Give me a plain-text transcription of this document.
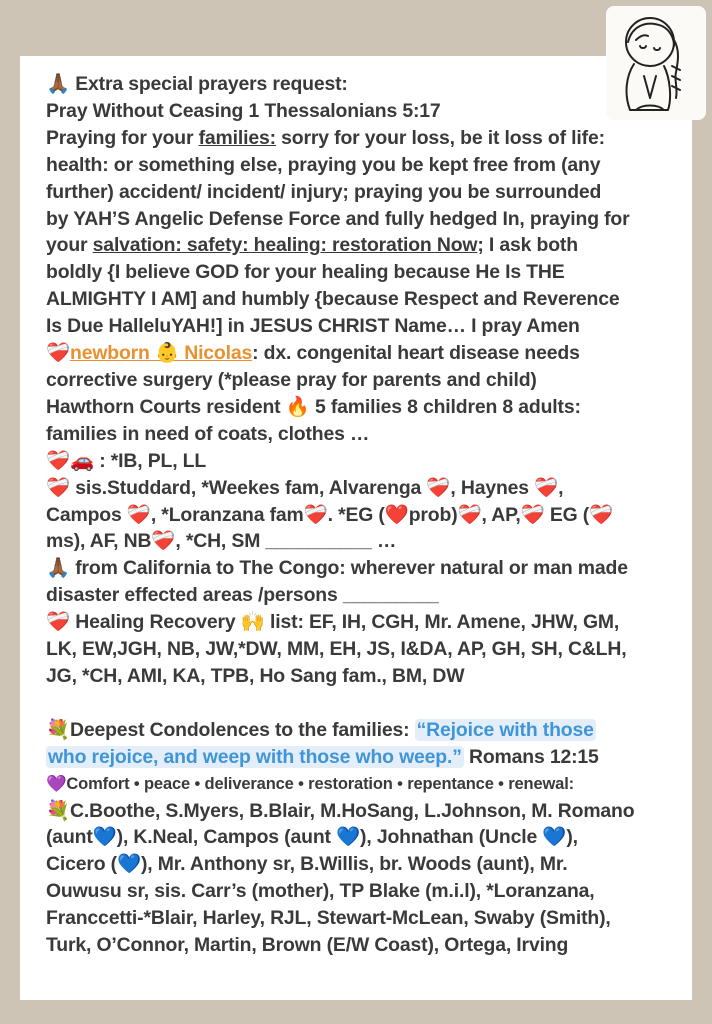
🙏🏾 Extra special prayers request:
Pray Without Ceasing 1 Thessalonians 5:17
Praying for your families: sorry for your loss, be it loss of life:
health: or something else, praying you be kept free from (any
further) accident/ incident/ injury; praying you be surrounded
by YAH’S Angelic Defense Force and fully hedged In, praying for
your salvation: safety: healing: restoration Now; I ask both
boldly {I believe GOD for your healing because He Is THE
ALMIGHTY I AM] and humbly {because Respect and Reverence
Is Due HalleluYAH!] in JESUS CHRIST Name… I pray Amen
❤️‍🩹newborn 👶 Nicolas: dx. congenital heart disease needs
corrective surgery (*please pray for parents and child)
Hawthorn Courts resident 🔥 5 families 8 children 8 adults:
families in need of coats, clothes …
❤️‍🩹🚗 : *IB, PL, LL
❤️‍🩹 sis.Studdard, *Weekes fam, Alvarenga ❤️‍🩹, Haynes ❤️‍🩹,
Campos ❤️‍🩹, *Loranzana fam❤️‍🩹. *EG (❤️prob)❤️‍🩹, AP,❤️‍🩹 EG (❤️‍🩹
ms), AF, NB❤️‍🩹, *CH, SM __________ …
🙏🏾 from California to The Congo: wherever natural or man made
disaster effected areas /persons _________
❤️‍🩹 Healing Recovery 🙌 list: EF, IH, CGH, Mr. Amene, JHW, GM,
LK, EW,JGH, NB, JW,*DW, MM, EH, JS, I&DA, AP, GH, SH, C&LH,
JG, *CH, AMI, KA, TPB, Ho Sang fam., BM, DW
💐Deepest Condolences to the families: “Rejoice with those
who rejoice, and weep with those who weep.” Romans 12:15
💜Comfort • peace • deliverance • restoration • repentance • renewal:
💐C.Boothe, S.Myers, B.Blair, M.HoSang, L.Johnson, M. Romano
(aunt💙), K.Neal, Campos (aunt 💙), Johnathan (Uncle 💙),
Cicero (💙), Mr. Anthony sr, B.Willis, br. Woods (aunt), Mr.
Ouwusu sr, sis. Carr’s (mother), TP Blake (m.i.l), *Loranzana,
Franccetti-*Blair, Harley, RJL, Stewart-McLean, Swaby (Smith),
Turk, O’Connor, Martin, Brown (E/W Coast), Ortega, Irving
